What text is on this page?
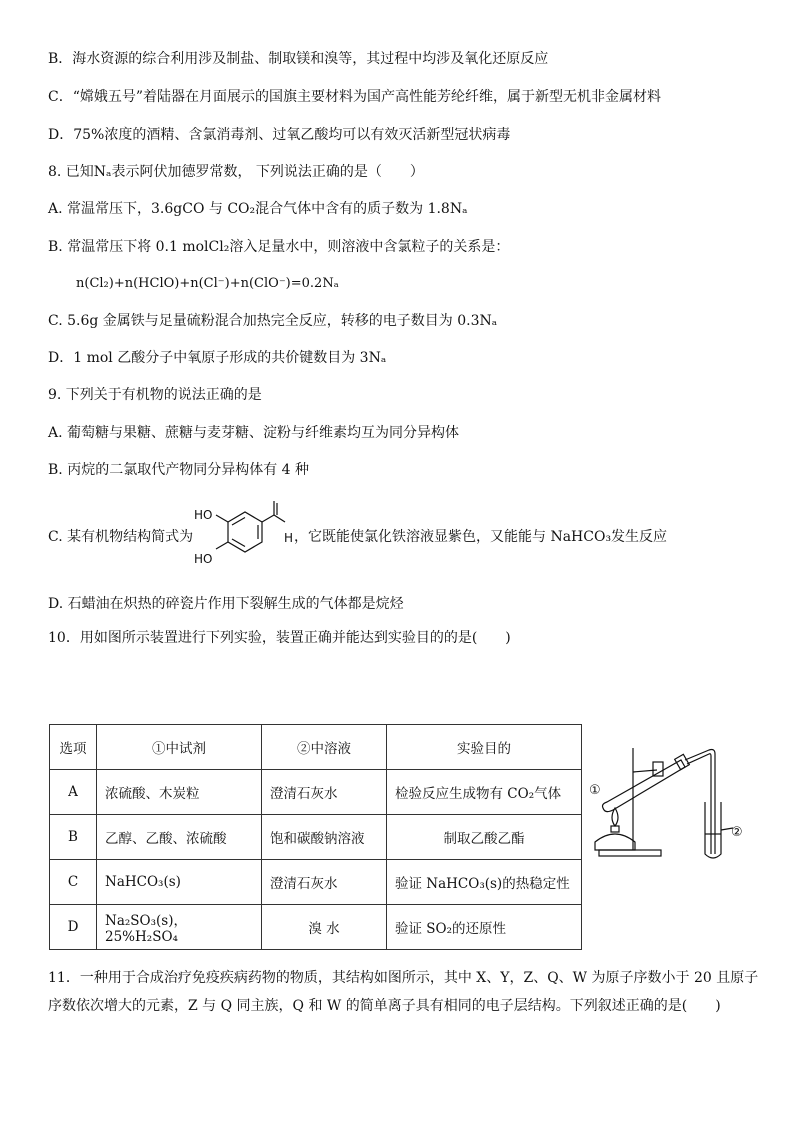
B．海水资源的综合利用涉及制盐、制取镁和溴等，其过程中均涉及氧化还原反应
C．“嫦娥五号”着陆器在月面展示的国旗主要材料为国产高性能芳纶纤维，属于新型无机非金属材料
D．75%浓度的酒精、含氯消毒剂、过氧乙酸均可以有效灭活新型冠状病毒
8. 已知Nₐ表示阿伏加德罗常数， 下列说法正确的是（　　）
A. 常温常压下，3.6gCO 与 CO₂混合气体中含有的质子数为 1.8Nₐ
B. 常温常压下将 0.1 molCl₂溶入足量水中，则溶液中含氯粒子的关系是：
n(Cl₂)+n(HClO)+n(Cl⁻)+n(ClO⁻)=0.2Nₐ
C. 5.6g 金属铁与足量硫粉混合加热完全反应，转移的电子数目为 0.3Nₐ
D．1 mol 乙酸分子中氧原子形成的共价键数目为 3Nₐ
9. 下列关于有机物的说法正确的是
A. 葡萄糖与果糖、蔗糖与麦芽糖、淀粉与纤维素均互为同分异构体
B. 丙烷的二氯取代产物同分异构体有 4 种
C. 某有机物结构简式为
HO
HO
H ，它既能使氯化铁溶液显紫色，又能能与 NaHCO₃发生反应
D. 石蜡油在炽热的碎瓷片作用下裂解生成的气体都是烷烃
10．用如图所示装置进行下列实验，装置正确并能达到实验目的的是(　　)
选项	①中试剂	②中溶液	实验目的
A	浓硫酸、木炭粒	澄清石灰水	检验反应生成物有 CO₂气体
B	乙醇、乙酸、浓硫酸	饱和碳酸钠溶液	制取乙酸乙酯
C	NaHCO₃(s)	澄清石灰水	验证 NaHCO₃(s)的热稳定性
D	Na₂SO₃(s)，25%H₂SO₄	溴 水	验证 SO₂的还原性
①
②
11．一种用于合成治疗免疫疾病药物的物质，其结构如图所示，其中 X、Y，Z、Q、W 为原子序数小于 20 且原子
序数依次增大的元素，Z 与 Q 同主族，Q 和 W 的简单离子具有相同的电子层结构。下列叙述正确的是(　　)
